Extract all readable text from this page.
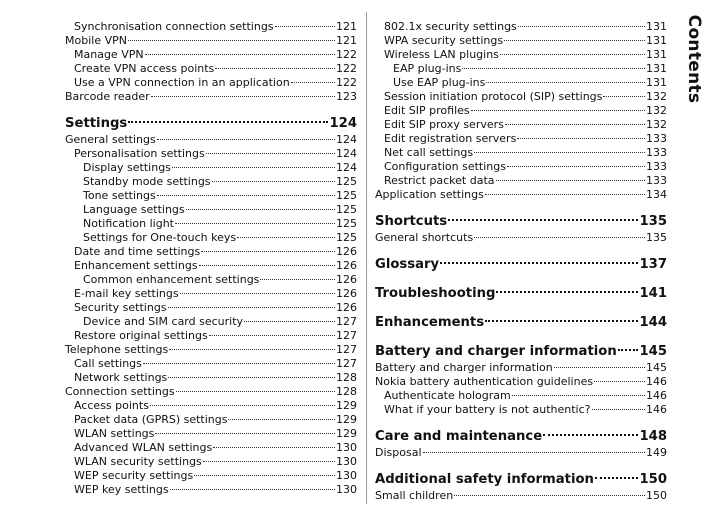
Synchronisation connection settings	121
Mobile VPN	121
Manage VPN	122
Create VPN access points	122
Use a VPN connection in an application	122
Barcode reader	123
Settings	124
General settings	124
Personalisation settings	124
Display settings	124
Standby mode settings	125
Tone settings	125
Language settings	125
Notification light	125
Settings for One-touch keys	125
Date and time settings	126
Enhancement settings	126
Common enhancement settings	126
E-mail key settings	126
Security settings	126
Device and SIM card security	127
Restore original settings	127
Telephone settings	127
Call settings	127
Network settings	128
Connection settings	128
Access points	129
Packet data (GPRS) settings	129
WLAN settings	129
Advanced WLAN settings	130
WLAN security settings	130
WEP security settings	130
WEP key settings	130
802.1x security settings	131
WPA security settings	131
Wireless LAN plugins	131
EAP plug-ins	131
Use EAP plug-ins	131
Session initiation protocol (SIP) settings	132
Edit SIP profiles	132
Edit SIP proxy servers	132
Edit registration servers	133
Net call settings	133
Configuration settings	133
Restrict packet data	133
Application settings	134
Shortcuts	135
General shortcuts	135
Glossary	137
Troubleshooting	141
Enhancements	144
Battery and charger information 145
Battery and charger information	145
Nokia battery authentication guidelines	146
Authenticate hologram	146
What if your battery is not authentic?	146
Care and maintenance	148
Disposal	149
Additional safety information	150
Small children	150
Contents
